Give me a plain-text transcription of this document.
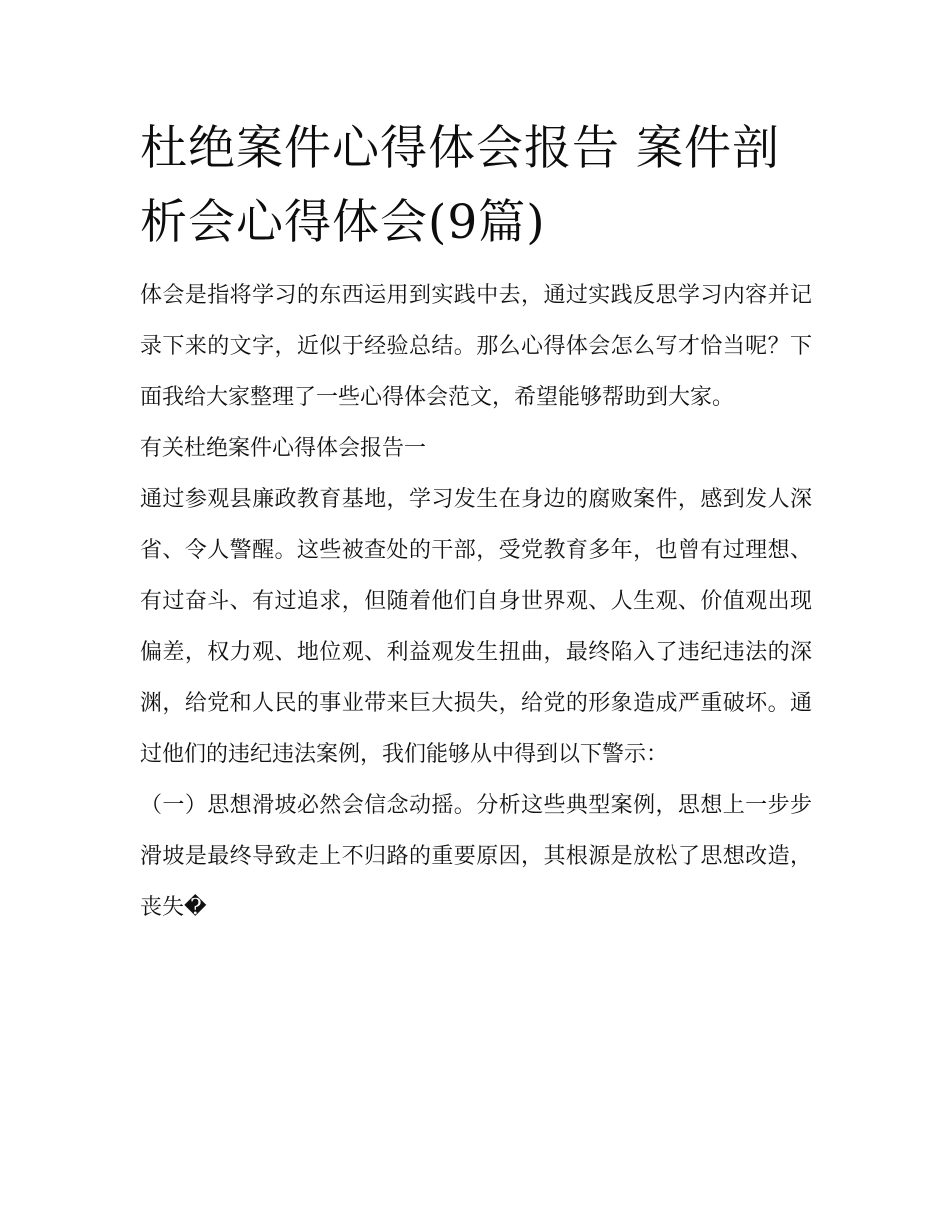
杜绝案件心得体会报告 案件剖析会心得体会(9篇)

体会是指将学习的东西运用到实践中去，通过实践反思学习内容并记录下来的文字，近似于经验总结。那么心得体会怎么写才恰当呢？下面我给大家整理了一些心得体会范文，希望能够帮助到大家。

有关杜绝案件心得体会报告一

通过参观县廉政教育基地，学习发生在身边的腐败案件，感到发人深省、令人警醒。这些被查处的干部，受党教育多年，也曾有过理想、有过奋斗、有过追求，但随着他们自身世界观、人生观、价值观出现偏差，权力观、地位观、利益观发生扭曲，最终陷入了违纪违法的深渊，给党和人民的事业带来巨大损失，给党的形象造成严重破坏。通过他们的违纪违法案例，我们能够从中得到以下警示：

（一）思想滑坡必然会信念动摇。分析这些典型案例，思想上一步步滑坡是最终导致走上不归路的重要原因，其根源是放松了思想改造，丧失�
